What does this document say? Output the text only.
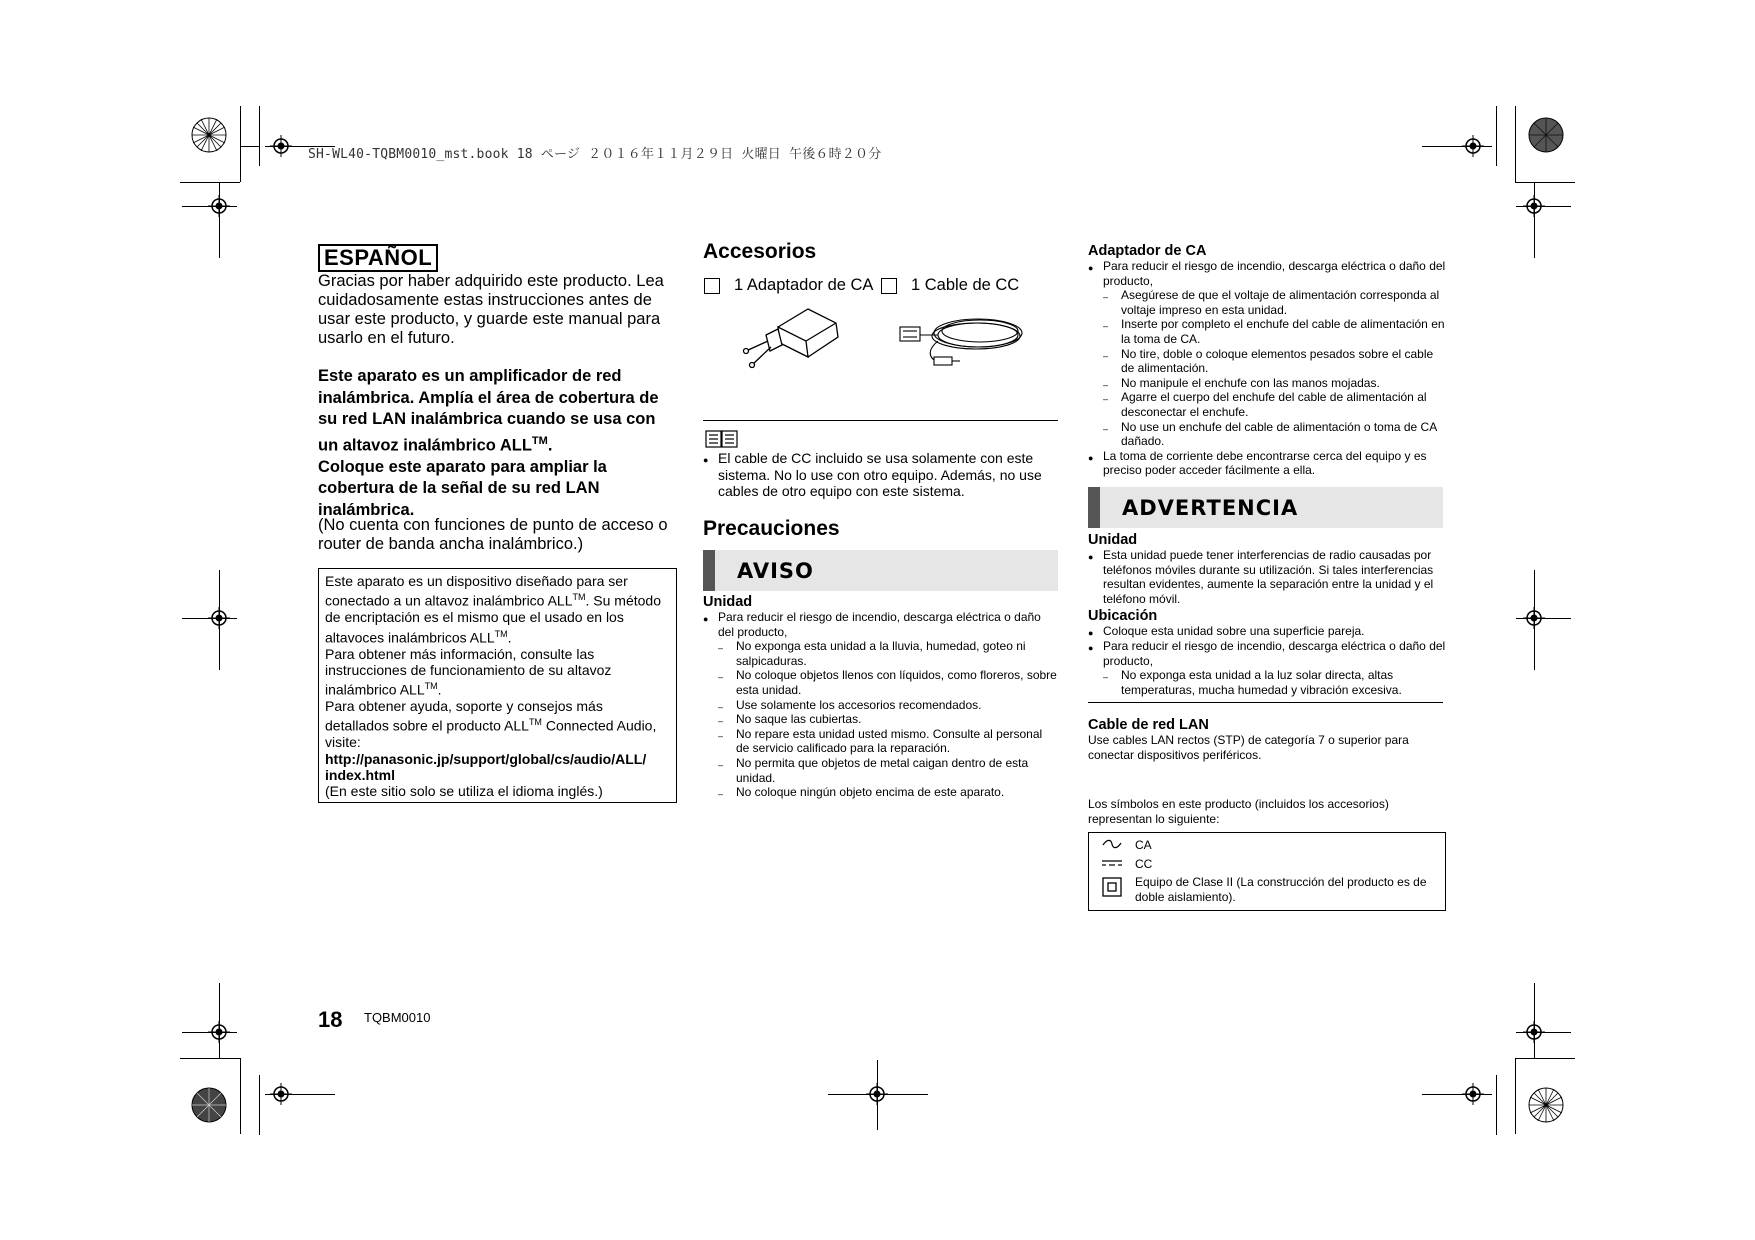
SH-WL40-TQBM0010_mst.book 18 ページ ２０１６年１１月２９日 火曜日 午後６時２０分
ESPAÑOL
Gracias por haber adquirido este producto. Lea cuidadosamente estas instrucciones antes de usar este producto, y guarde este manual para usarlo en el futuro.
Este aparato es un amplificador de red inalámbrica. Amplía el área de cobertura de su red LAN inalámbrica cuando se usa con un altavoz inalámbrico ALL™.
Coloque este aparato para ampliar la cobertura de la señal de su red LAN inalámbrica.
(No cuenta con funciones de punto de acceso o router de banda ancha inalámbrico.)

Este aparato es un dispositivo diseñado para ser conectado a un altavoz inalámbrico ALL™. Su método de encriptación es el mismo que el usado en los altavoces inalámbricos ALL™.

Para obtener más información, consulte las instrucciones de funcionamiento de su altavoz inalámbrico ALL™.

Para obtener ayuda, soporte y consejos más detallados sobre el producto ALL™ Connected Audio, visite:

http://panasonic.jp/support/global/cs/audio/ALL/ index.html

(En este sitio solo se utiliza el idioma inglés.)

Accesorios
1 Adaptador de CA 1 Cable de CC
● El cable de CC incluido se usa solamente con este sistema. No lo use con otro equipo. Además, no use cables de otro equipo con este sistema.
Precauciones
AVISO
Unidad
● Para reducir el riesgo de incendio, descarga eléctrica o daño del producto,
– No exponga esta unidad a la lluvia, humedad, goteo ni salpicaduras.
– No coloque objetos llenos con líquidos, como floreros, sobre esta unidad.
– Use solamente los accesorios recomendados.
– No saque las cubiertas.
– No repare esta unidad usted mismo. Consulte al personal de servicio calificado para la reparación.
– No permita que objetos de metal caigan dentro de esta unidad.
– No coloque ningún objeto encima de este aparato.
Adaptador de CA
● Para reducir el riesgo de incendio, descarga eléctrica o daño del producto,
– Asegúrese de que el voltaje de alimentación corresponda al voltaje impreso en esta unidad.
– Inserte por completo el enchufe del cable de alimentación en la toma de CA.
– No tire, doble o coloque elementos pesados sobre el cable de alimentación.
– No manipule el enchufe con las manos mojadas.
– Agarre el cuerpo del enchufe del cable de alimentación al desconectar el enchufe.
– No use un enchufe del cable de alimentación o toma de CA dañado.
● La toma de corriente debe encontrarse cerca del equipo y es preciso poder acceder fácilmente a ella.
ADVERTENCIA
Unidad
● Esta unidad puede tener interferencias de radio causadas por teléfonos móviles durante su utilización. Si tales interferencias resultan evidentes, aumente la separación entre la unidad y el teléfono móvil.
Ubicación
● Coloque esta unidad sobre una superficie pareja.
● Para reducir el riesgo de incendio, descarga eléctrica o daño del producto,
– No exponga esta unidad a la luz solar directa, altas temperaturas, mucha humedad y vibración excesiva.
Cable de red LAN
Use cables LAN rectos (STP) de categoría 7 o superior para conectar dispositivos periféricos.
Los símbolos en este producto (incluidos los accesorios) representan lo siguiente:
CA
CC
Equipo de Clase II (La construcción del producto es de doble aislamiento).
18 TQBM0010
